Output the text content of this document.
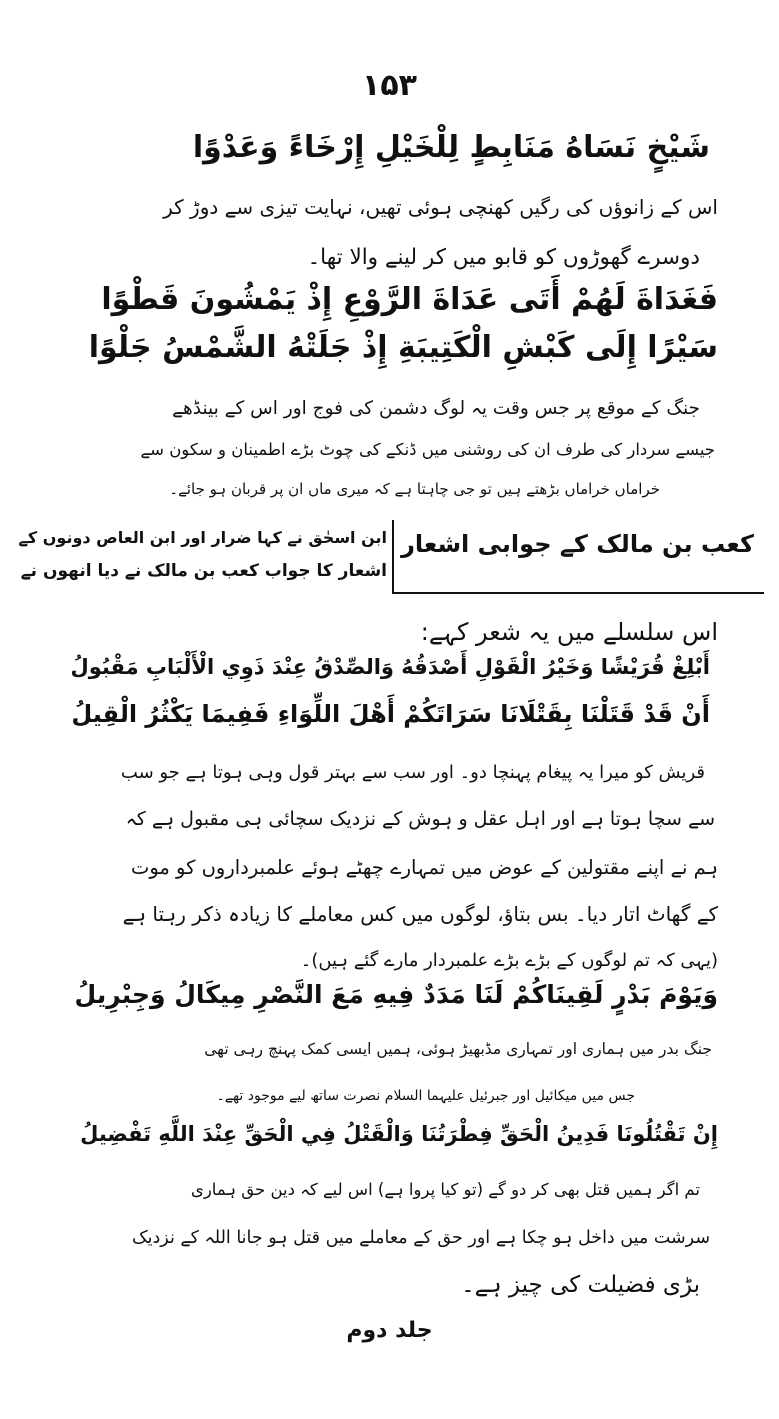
۱۵۳
شَيْخٍ نَسَاهُ مَنَابِطٍ لِلْخَيْلِ إِرْخَاءً وَعَدْوًا
اس کے زانوؤں کی رگیں کھنچی ہوئی تھیں، نہایت تیزی سے دوڑ کر
دوسرے گھوڑوں کو قابو میں کر لینے والا تھا۔
فَغَدَاةَ لَهُمْ أَتَى عَدَاةَ الرَّوْعِ إِذْ يَمْشُونَ قَطْوًا
سَيْرًا إِلَى كَبْشِ الْكَتِيبَةِ إِذْ جَلَتْهُ الشَّمْسُ جَلْوًا
جنگ کے موقع پر جس وقت یہ لوگ دشمن کی فوج اور اس کے بینڈھے
جیسے سردار کی طرف ان کی روشنی میں ڈنکے کی چوٹ بڑے اطمینان و سکون سے
خراماں خراماں بڑھتے ہیں تو جی چاہتا ہے کہ میری ماں ان پر قربان ہو جائے۔
اس سلسلے میں یہ شعر کہے:
أَبْلِغْ قُرَيْشًا وَخَيْرُ الْقَوْلِ أَصْدَقُهُ وَالصِّدْقُ عِنْدَ ذَوِي الْأَلْبَابِ مَقْبُولُ
أَنْ قَدْ قَتَلْنَا بِقَتْلَانَا سَرَاتَكُمْ أَهْلَ اللِّوَاءِ فَفِيمَا يَكْثُرُ الْقِيلُ
قریش کو میرا یہ پیغام پہنچا دو۔ اور سب سے بہتر قول وہی ہوتا ہے جو سب
سے سچا ہوتا ہے اور اہل عقل و ہوش کے نزدیک سچائی ہی مقبول ہے کہ
ہم نے اپنے مقتولین کے عوض میں تمہارے چھٹے ہوئے علمبرداروں کو موت
کے گھاٹ اتار دیا۔ بس بتاؤ، لوگوں میں کس معاملے کا زیادہ ذکر رہتا ہے
(یہی کہ تم لوگوں کے بڑے بڑے علمبردار مارے گئے ہیں)۔
وَيَوْمَ بَدْرٍ لَقِينَاكُمْ لَنَا مَدَدٌ فِيهِ مَعَ النَّصْرِ مِيكَالُ وَجِبْرِيلُ
جنگ بدر میں ہماری اور تمہاری مڈبھیڑ ہوئی، ہمیں ایسی کمک پہنچ رہی تھی
جس میں میکائیل اور جبرئیل علیہما السلام نصرت ساتھ لیے موجود تھے۔
إِنْ تَقْتُلُونَا فَدِينُ الْحَقِّ فِطْرَتُنَا وَالْقَتْلُ فِي الْحَقِّ عِنْدَ اللَّهِ تَفْضِيلُ
تم اگر ہمیں قتل بھی کر دو گے (تو کیا پروا ہے) اس لیے کہ دین حق ہماری
سرشت میں داخل ہو چکا ہے اور حق کے معاملے میں قتل ہو جانا اللہ کے نزدیک
بڑی فضیلت کی چیز ہے۔
کعب بن مالک کے جوابی اشعار
ابن اسحٰق نے کہا ضرار اور ابن العاص دونوں کے
اشعار کا جواب کعب بن مالک نے دیا انھوں نے
جلد دوم
